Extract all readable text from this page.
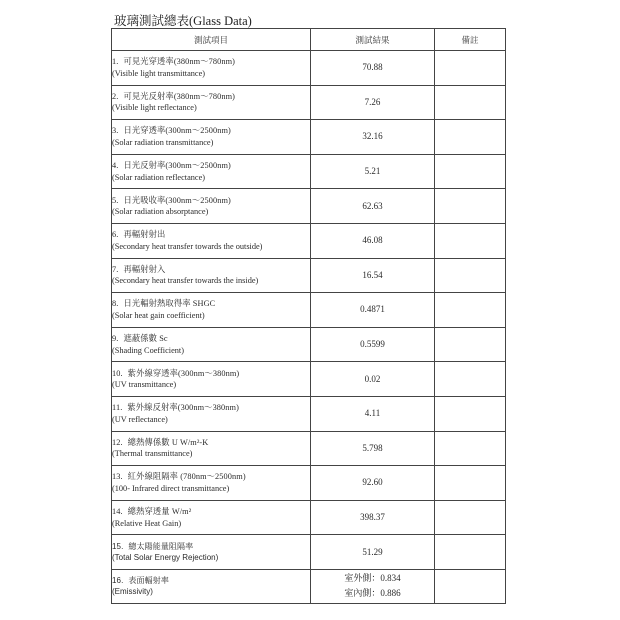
玻璃測試總表(Glass Data)
測試項目	測試結果	備註

1. 可見光穿透率(380nm～780nm)
(Visible light transmittance)	70.88	

2. 可見光反射率(380nm～780nm)
(Visible light reflectance)	7.26	

3. 日光穿透率(300nm～2500nm)
(Solar radiation transmittance)	32.16	

4. 日光反射率(300nm～2500nm)
(Solar radiation reflectance)	5.21	

5. 日光吸收率(300nm～2500nm)
(Solar radiation absorptance)	62.63	

6. 再輻射射出
(Secondary heat transfer towards the outside)	46.08	

7. 再輻射射入
(Secondary heat transfer towards the inside)	16.54	

8. 日光輻射熱取得率 SHGC
(Solar heat gain coefficient)	0.4871	

9. 遮蔽係數 Sc
(Shading Coefficient)	0.5599	

10. 紫外線穿透率(300nm～380nm)
(UV transmittance)	0.02	

11. 紫外線反射率(300nm～380nm)
(UV reflectance)	4.11	

12. 總熱傳係數 U W/m²-K
(Thermal transmittance)	5.798	

13. 紅外線阻隔率 (780nm～2500nm)
(100- Infrared direct transmittance)	92.60	

14. 總熱穿透量 W/m²
(Relative Heat Gain)	398.37	

15. 總太陽能量阻隔率
(Total Solar Energy Rejection)	51.29	

16. 表面輻射率
(Emissivity)	室外側：0.834
室內側：0.886	
